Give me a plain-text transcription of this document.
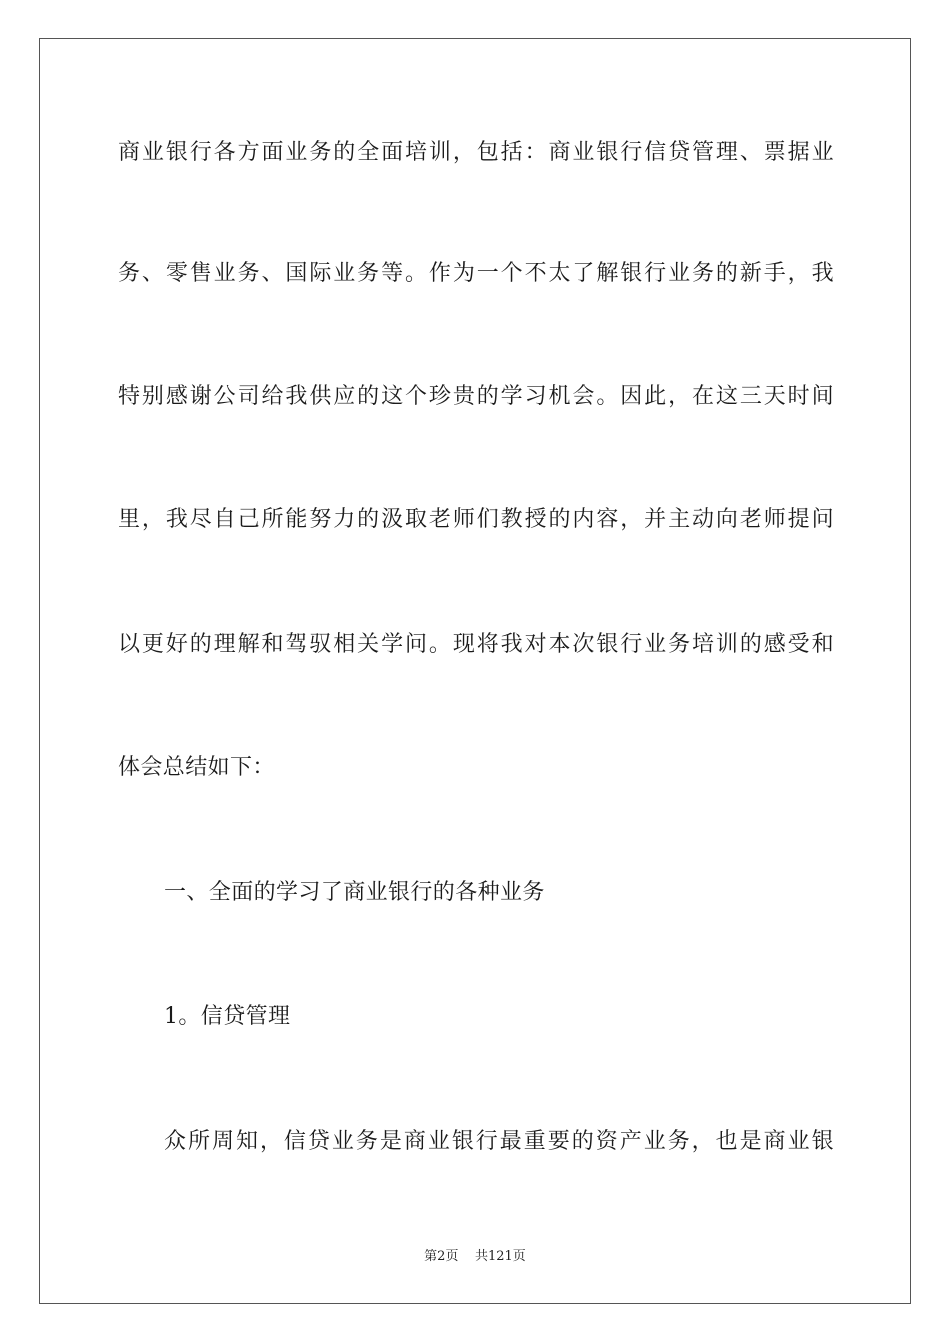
商业银行各方面业务的全面培训，包括：商业银行信贷管理、票据业
务、零售业务、国际业务等。作为一个不太了解银行业务的新手，我
特别感谢公司给我供应的这个珍贵的学习机会。因此，在这三天时间
里，我尽自己所能努力的汲取老师们教授的内容，并主动向老师提问
以更好的理解和驾驭相关学问。现将我对本次银行业务培训的感受和
体会总结如下：
一、全面的学习了商业银行的各种业务
1。信贷管理
众所周知，信贷业务是商业银行最重要的资产业务，也是商业银
第2页 共121页
